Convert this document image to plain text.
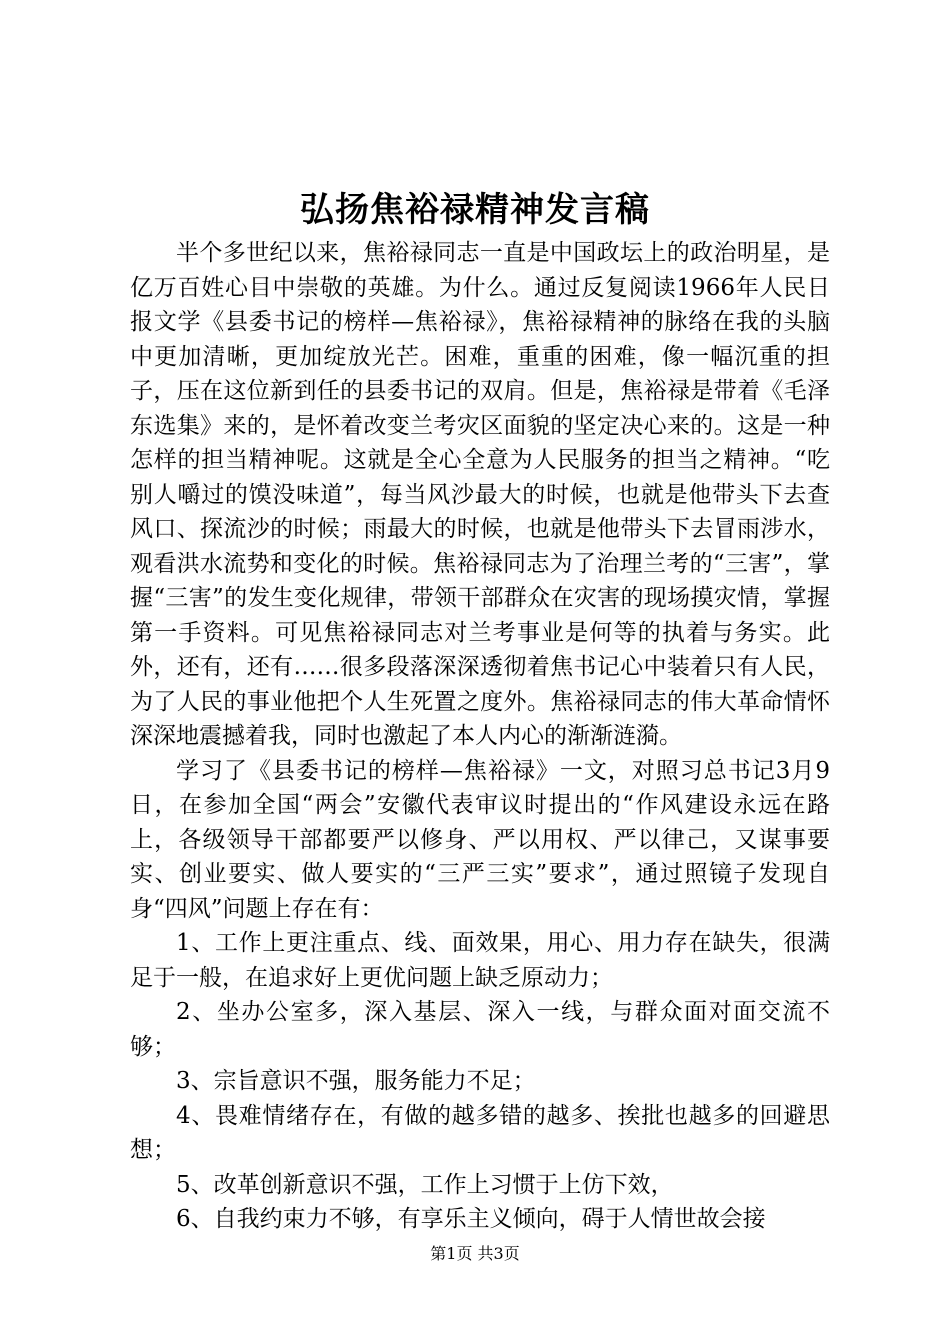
弘扬焦裕禄精神发言稿

半个多世纪以来，焦裕禄同志一直是中国政坛上的政治明星，是亿万百姓心目中崇敬的英雄。为什么。通过反复阅读1966年人民日报文学《县委书记的榜样—焦裕禄》，焦裕禄精神的脉络在我的头脑中更加清晰，更加绽放光芒。困难，重重的困难，像一幅沉重的担子，压在这位新到任的县委书记的双肩。但是，焦裕禄是带着《毛泽东选集》来的，是怀着改变兰考灾区面貌的坚定决心来的。这是一种怎样的担当精神呢。这就是全心全意为人民服务的担当之精神。“吃别人嚼过的馍没味道”，每当风沙最大的时候，也就是他带头下去查风口、探流沙的时候；雨最大的时候，也就是他带头下去冒雨涉水，观看洪水流势和变化的时候。焦裕禄同志为了治理兰考的“三害”，掌握“三害”的发生变化规律，带领干部群众在灾害的现场摸灾情，掌握第一手资料。可见焦裕禄同志对兰考事业是何等的执着与务实。此外，还有，还有……很多段落深深透彻着焦书记心中装着只有人民，为了人民的事业他把个人生死置之度外。焦裕禄同志的伟大革命情怀深深地震撼着我，同时也激起了本人内心的渐渐涟漪。

学习了《县委书记的榜样—焦裕禄》一文，对照习总书记3月9日，在参加全国“两会”安徽代表审议时提出的“作风建设永远在路上，各级领导干部都要严以修身、严以用权、严以律己，又谋事要实、创业要实、做人要实的“三严三实”要求”，通过照镜子发现自身“四风”问题上存在有：

1、工作上更注重点、线、面效果，用心、用力存在缺失，很满足于一般，在追求好上更优问题上缺乏原动力；

2、坐办公室多，深入基层、深入一线，与群众面对面交流不够；

3、宗旨意识不强，服务能力不足；

4、畏难情绪存在，有做的越多错的越多、挨批也越多的回避思想；

5、改革创新意识不强，工作上习惯于上仿下效，

6、自我约束力不够，有享乐主义倾向，碍于人情世故会接

第1页 共3页
